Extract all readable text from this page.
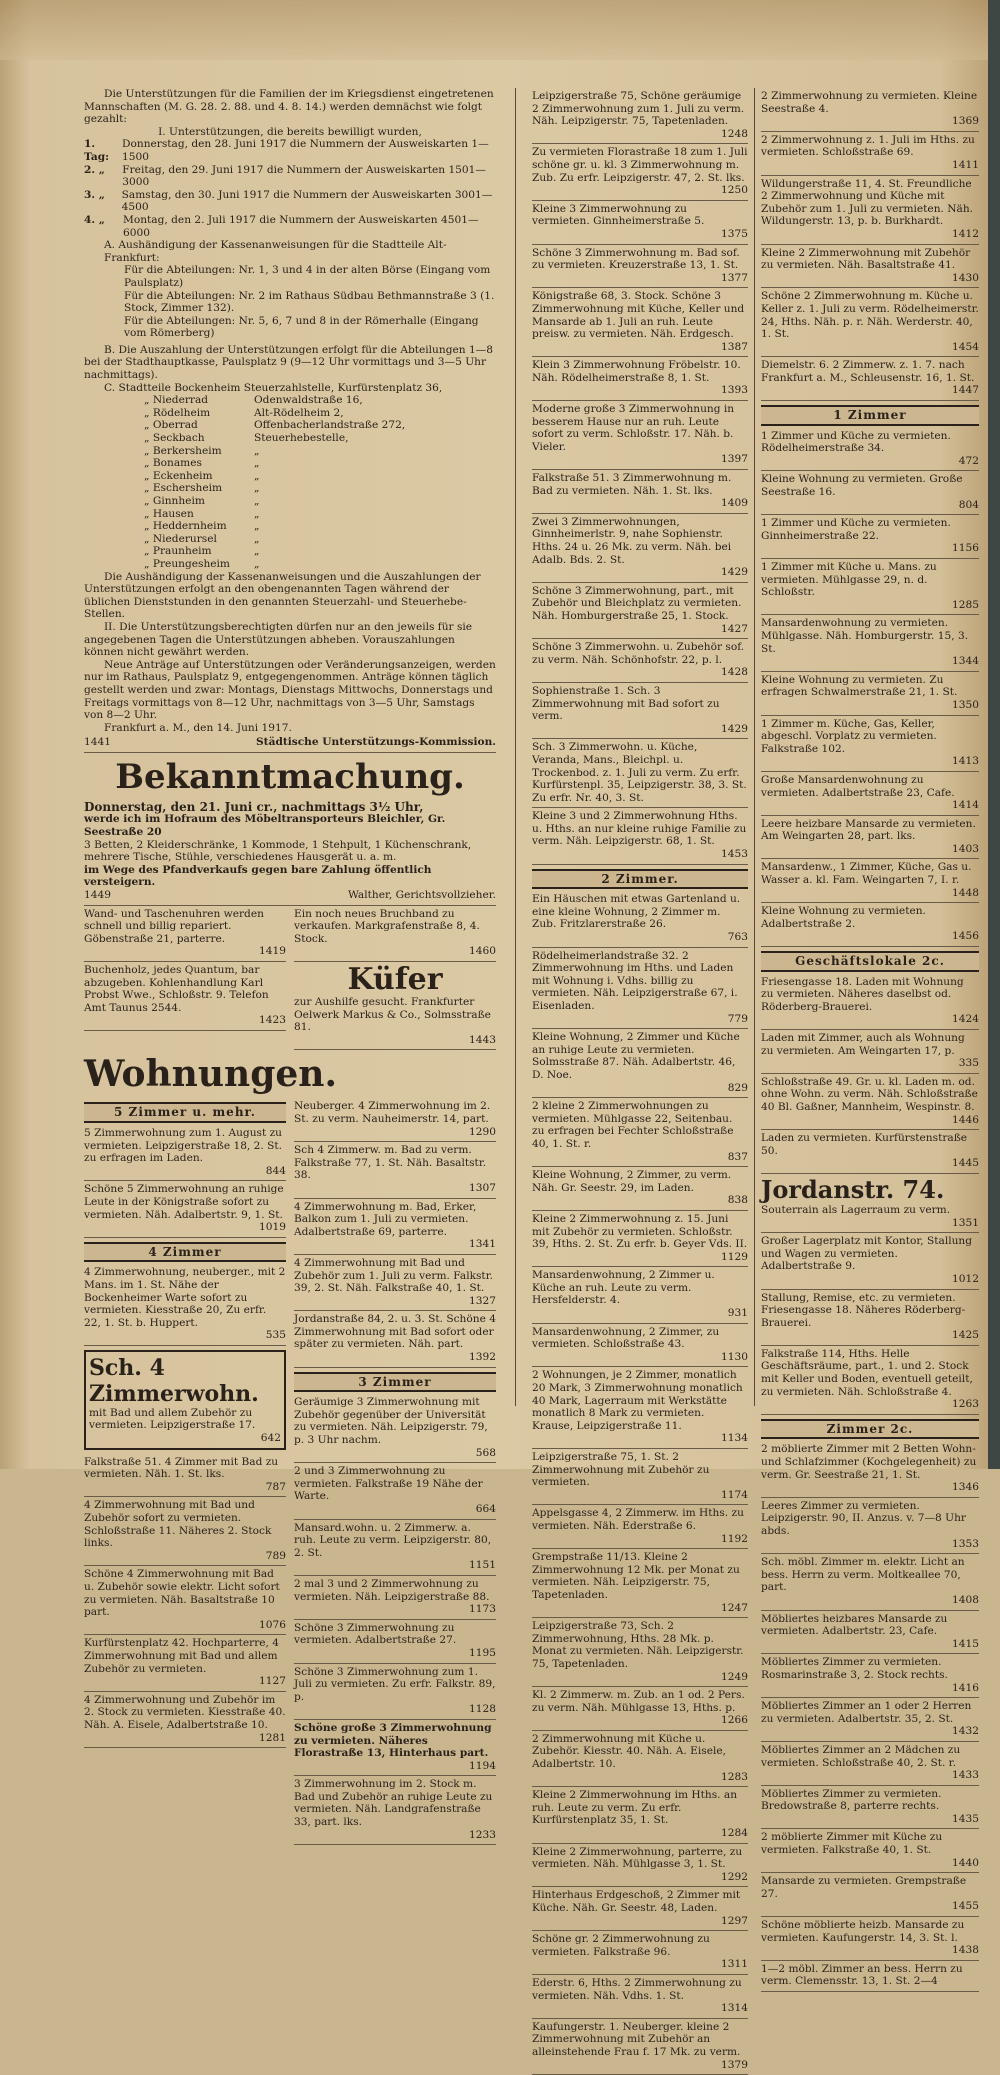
Die Unterstützungen für die Familien der im Kriegsdienst eingetretenen Mannschaften (M. G. 28. 2. 88. und 4. 8. 14.) werden demnächst wie folgt gezahlt:

I. Unterstützungen, die bereits bewilligt wurden,

1. Tag:
Donnerstag, den 28. Juni 1917 die Nummern der Ausweiskarten 1—1500
2. „	Freitag, den 29. Juni 1917 die Nummern der Ausweiskarten 1501—3000
3. „	Samstag, den 30. Juni 1917 die Nummern der Ausweiskarten 3001—4500
4. „	Montag, den 2. Juli 1917 die Nummern der Ausweiskarten 4501—6000

A. Aushändigung der Kassenanweisungen für die Stadtteile Alt-Frankfurt:

Für die Abteilungen: Nr. 1, 3 und 4 in der alten Börse (Eingang vom Paulsplatz)

Für die Abteilungen: Nr. 2 im Rathaus Südbau Bethmannstraße 3 (1. Stock, Zimmer 132).

Für die Abteilungen: Nr. 5, 6, 7 und 8 in der Römerhalle (Eingang vom Römerberg)

B. Die Auszahlung der Unterstützungen erfolgt für die Abteilungen 1—8 bei der Stadthauptkasse, Paulsplatz 9 (9—12 Uhr vormittags und 3—5 Uhr nachmittags).

C. Stadtteile Bockenheim Steuerzahlstelle, Kurfürstenplatz 36,

„ Niederrad	Odenwaldstraße 16,
„ Rödelheim	Alt-Rödelheim 2,
„ Oberrad	Offenbacherlandstraße 272,
„ Seckbach	Steuerhebestelle,
„ Berkersheim	„
„ Bonames	„
„ Eckenheim	„
„ Eschersheim	„
„ Ginnheim	„
„ Hausen	„
„ Heddernheim	„
„ Niederursel	„
„ Praunheim	„
„ Preungesheim	„

Die Aushändigung der Kassenanweisungen und die Auszahlungen der Unterstützungen erfolgt an den obengenannten Tagen während der üblichen Dienststunden in den genannten Steuerzahl- und Steuerhebe-Stellen.

II. Die Unterstützungsberechtigten dürfen nur an den jeweils für sie angegebenen Tagen die Unterstützungen abheben. Vorauszahlungen können nicht gewährt werden.

Neue Anträge auf Unterstützungen oder Veränderungsanzeigen, werden nur im Rathaus, Paulsplatz 9, entgegengenommen. Anträge können täglich gestellt werden und zwar: Montags, Dienstags Mittwochs, Donnerstags und Freitags vormittags von 8—12 Uhr, nachmittags von 3—5 Uhr, Samstags von 8—2 Uhr.

Frankfurt a. M., den 14. Juni 1917.

1441	Städtische Unterstützungs-Kommission.
Bekanntmachung.

Donnerstag, den 21. Juni cr., nachmittags 3½ Uhr,

werde ich im Hofraum des Möbeltransporteurs Bleichler, Gr. Seestraße 20

3 Betten, 2 Kleiderschränke, 1 Kommode, 1 Stehpult, 1 Küchenschrank, mehrere Tische, Stühle, verschiedenes Hausgerät u. a. m.

im Wege des Pfandverkaufs gegen bare Zahlung öffentlich versteigern.

1449	Walther, Gerichtsvollzieher.

Wand- und Taschenuhren werden schnell und billig repariert. Göbenstraße 21, parterre.

1419

Buchenholz, jedes Quantum, bar abzugeben. Kohlenhandlung Karl Probst Wwe., Schloßstr. 9. Telefon Amt Taunus 2544.

1423

Ein noch neues Bruchband zu verkaufen. Markgrafenstraße 8, 4. Stock.

1460

Küfer

zur Aushilfe gesucht. Frankfurter Oelwerk Markus & Co., Solmsstraße 81.

1443

Wohnungen.
5 Zimmer u. mehr.

5 Zimmerwohnung zum 1. August zu vermieten. Leipzigerstraße 18, 2. St. zu erfragen im Laden.

844

Schöne 5 Zimmerwohnung an ruhige Leute in der Königstraße sofort zu vermieten. Näh. Adalbertstr. 9, 1. St.

1019

4 Zimmer

4 Zimmerwohnung, neuberger., mit 2 Mans. im 1. St. Nähe der Bockenheimer Warte sofort zu vermieten. Kiesstraße 20, Zu erfr. 22, 1. St. b. Huppert.

535

Sch. 4 Zimmerwohn.

mit Bad und allem Zubehör zu vermieten. Leipzigerstraße 17.

642

Falkstraße 51. 4 Zimmer mit Bad zu vermieten. Näh. 1. St. lks.

787

4 Zimmerwohnung mit Bad und Zubehör sofort zu vermieten. Schloßstraße 11. Näheres 2. Stock links.

789

Schöne 4 Zimmerwohnung mit Bad u. Zubehör sowie elektr. Licht sofort zu vermieten. Näh. Basaltstraße 10 part.

1076

Kurfürstenplatz 42. Hochparterre, 4 Zimmerwohnung mit Bad und allem Zubehör zu vermieten.

1127

4 Zimmerwohnung und Zubehör im 2. Stock zu vermieten. Kiesstraße 40. Näh. A. Eisele, Adalbertstraße 10.

1281

Neuberger. 4 Zimmerwohnung im 2. St. zu verm. Nauheimerstr. 14, part.

1290

Sch 4 Zimmerw. m. Bad zu verm. Falkstraße 77, 1. St. Näh. Basaltstr. 38.

1307

4 Zimmerwohnung m. Bad, Erker, Balkon zum 1. Juli zu vermieten. Adalbertstraße 69, parterre.

1341

4 Zimmerwohnung mit Bad und Zubehör zum 1. Juli zu verm. Falkstr. 39, 2. St. Näh. Falkstraße 40, 1. St.

1327

Jordanstraße 84, 2. u. 3. St. Schöne 4 Zimmerwohnung mit Bad sofort oder später zu vermieten. Näh. part.

1392

3 Zimmer

Geräumige 3 Zimmerwohnung mit Zubehör gegenüber der Universität zu vermieten. Näh. Leipzigerstr. 79, p. 3 Uhr nachm.

568

2 und 3 Zimmerwohnung zu vermieten. Falkstraße 19 Nähe der Warte.

664

Mansard.wohn. u. 2 Zimmerw. a. ruh. Leute zu verm. Leipzigerstr. 80, 2. St.

1151

2 mal 3 und 2 Zimmerwohnung zu vermieten. Näh. Leipzigerstraße 88.

1173

Schöne 3 Zimmerwohnung zu vermieten. Adalbertstraße 27.

1195

Schöne 3 Zimmerwohnung zum 1. Juli zu vermieten. Zu erfr. Falkstr. 89, p.

1128

Schöne große 3 Zimmerwohnung zu vermieten. Näheres Florastraße 13, Hinterhaus part.

1194

3 Zimmerwohnung im 2. Stock m. Bad und Zubehör an ruhige Leute zu vermieten. Näh. Landgrafenstraße 33, part. lks.

1233

Leipzigerstraße 75, Schöne geräumige 2 Zimmerwohnung zum 1. Juli zu verm. Näh. Leipzigerstr. 75, Tapetenladen.

1248

Zu vermieten Florastraße 18 zum 1. Juli schöne gr. u. kl. 3 Zimmerwohnung m. Zub. Zu erfr. Leipzigerstr. 47, 2. St. lks.

1250

Kleine 3 Zimmerwohnung zu vermieten. Ginnheimerstraße 5.

1375

Schöne 3 Zimmerwohnung m. Bad sof. zu vermieten. Kreuzerstraße 13, 1. St.

1377

Königstraße 68, 3. Stock. Schöne 3 Zimmerwohnung mit Küche, Keller und Mansarde ab 1. Juli an ruh. Leute preisw. zu vermieten. Näh. Erdgesch.

1387

Klein 3 Zimmerwohnung Fröbelstr. 10. Näh. Rödelheimerstraße 8, 1. St.

1393

Moderne große 3 Zimmerwohnung in besserem Hause nur an ruh. Leute sofort zu verm. Schloßstr. 17. Näh. b. Vieler.

1397

Falkstraße 51. 3 Zimmerwohnung m. Bad zu vermieten. Näh. 1. St. lks.

1409

Zwei 3 Zimmerwohnungen, Ginnheimerlstr. 9, nahe Sophienstr. Hths. 24 u. 26 Mk. zu verm. Näh. bei Adalb. Bds. 2. St.

1429

Schöne 3 Zimmerwohnung, part., mit Zubehör und Bleichplatz zu vermieten. Näh. Homburgerstraße 25, 1. Stock.

1427

Schöne 3 Zimmerwohn. u. Zubehör sof. zu verm. Näh. Schönhofstr. 22, p. l.

1428

Sophienstraße 1. Sch. 3 Zimmerwohnung mit Bad sofort zu verm.

1429

Sch. 3 Zimmerwohn. u. Küche, Veranda, Mans., Bleichpl. u. Trockenbod. z. 1. Juli zu verm. Zu erfr. Kurfürstenpl. 35, Leipzigerstr. 38, 3. St. Zu erfr. Nr. 40, 3. St.

Kleine 3 und 2 Zimmerwohnung Hths. u. Hths. an nur kleine ruhige Familie zu verm. Näh. Leipzigerstr. 68, 1. St.

1453

2 Zimmer.

Ein Häuschen mit etwas Gartenland u. eine kleine Wohnung, 2 Zimmer m. Zub. Fritzlarerstraße 26.

763

Rödelheimerlandstraße 32. 2 Zimmerwohnung im Hths. und Laden mit Wohnung i. Vdhs. billig zu vermieten. Näh. Leipzigerstraße 67, i. Eisenladen.

779

Kleine Wohnung, 2 Zimmer und Küche an ruhige Leute zu vermieten. Solmsstraße 87. Näh. Adalbertstr. 46, D. Noe.

829

2 kleine 2 Zimmerwohnungen zu vermieten. Mühlgasse 22, Seitenbau. zu erfragen bei Fechter Schloßstraße 40, 1. St. r.

837

Kleine Wohnung, 2 Zimmer, zu verm. Näh. Gr. Seestr. 29, im Laden.

838

Kleine 2 Zimmerwohnung z. 15. Juni mit Zubehör zu vermieten. Schloßstr. 39, Hths. 2. St. Zu erfr. b. Geyer Vds. II.

1129

Mansardenwohnung, 2 Zimmer u. Küche an ruh. Leute zu verm. Hersfelderstr. 4.

931

Mansardenwohnung, 2 Zimmer, zu vermieten. Schloßstraße 43.

1130

2 Wohnungen, je 2 Zimmer, monatlich 20 Mark, 3 Zimmerwohnung monatlich 40 Mark, Lagerraum mit Werkstätte monatlich 8 Mark zu vermieten. Krause, Leipzigerstraße 11.

1134

Leipzigerstraße 75, 1. St. 2 Zimmerwohnung mit Zubehör zu vermieten.

1174

Appelsgasse 4, 2 Zimmerw. im Hths. zu vermieten. Näh. Ederstraße 6.

1192

Grempstraße 11/13. Kleine 2 Zimmerwohnung 12 Mk. per Monat zu vermieten. Näh. Leipzigerstr. 75, Tapetenladen.

1247

Leipzigerstraße 73, Sch. 2 Zimmerwohnung, Hths. 28 Mk. p. Monat zu vermieten. Näh. Leipzigerstr. 75, Tapetenladen.

1249

Kl. 2 Zimmerw. m. Zub. an 1 od. 2 Pers. zu verm. Näh. Mühlgasse 13, Hths. p.

1266

2 Zimmerwohnung mit Küche u. Zubehör. Kiesstr. 40. Näh. A. Eisele, Adalbertstr. 10.

1283

Kleine 2 Zimmerwohnung im Hths. an ruh. Leute zu verm. Zu erfr. Kurfürstenplatz 35, 1. St.

1284

Kleine 2 Zimmerwohnung, parterre, zu vermieten. Näh. Mühlgasse 3, 1. St.

1292

Hinterhaus Erdgeschoß, 2 Zimmer mit Küche. Näh. Gr. Seestr. 48, Laden.

1297

Schöne gr. 2 Zimmerwohnung zu vermieten. Falkstraße 96.

1311

Ederstr. 6, Hths. 2 Zimmerwohnung zu vermieten. Näh. Vdhs. 1. St.

1314

Kaufungerstr. 1. Neuberger. kleine 2 Zimmerwohnung mit Zubehör an alleinstehende Frau f. 17 Mk. zu verm.

1379

2 Zimmerwohnung zu vermieten. Kleine Seestraße 4.

1369

2 Zimmerwohnung z. 1. Juli im Hths. zu vermieten. Schloßstraße 69.

1411

Wildungerstraße 11, 4. St. Freundliche 2 Zimmerwohnung und Küche mit Zubehör zum 1. Juli zu vermieten. Näh. Wildungerstr. 13, p. b. Burkhardt.

1412

Kleine 2 Zimmerwohnung mit Zubehör zu vermieten. Näh. Basaltstraße 41.

1430

Schöne 2 Zimmerwohnung m. Küche u. Keller z. 1. Juli zu verm. Rödelheimerstr. 24, Hths. Näh. p. r. Näh. Werderstr. 40, 1. St.

1454

Diemelstr. 6. 2 Zimmerw. z. 1. 7. nach Frankfurt a. M., Schleusenstr. 16, 1. St.

1447

1 Zimmer

1 Zimmer und Küche zu vermieten. Rödelheimerstraße 34.

472

Kleine Wohnung zu vermieten. Große Seestraße 16.

804

1 Zimmer und Küche zu vermieten. Ginnheimerstraße 22.

1156

1 Zimmer mit Küche u. Mans. zu vermieten. Mühlgasse 29, n. d. Schloßstr.

1285

Mansardenwohnung zu vermieten. Mühlgasse. Näh. Homburgerstr. 15, 3. St.

1344

Kleine Wohnung zu vermieten. Zu erfragen Schwalmerstraße 21, 1. St.

1350

1 Zimmer m. Küche, Gas, Keller, abgeschl. Vorplatz zu vermieten. Falkstraße 102.

1413

Große Mansardenwohnung zu vermieten. Adalbertstraße 23, Cafe.

1414

Leere heizbare Mansarde zu vermieten. Am Weingarten 28, part. lks.

1403

Mansardenw., 1 Zimmer, Küche, Gas u. Wasser a. kl. Fam. Weingarten 7, I. r.

1448

Kleine Wohnung zu vermieten. Adalbertstraße 2.

1456

Geschäftslokale 2c.

Friesengasse 18. Laden mit Wohnung zu vermieten. Näheres daselbst od. Röderberg-Brauerei.

1424

Laden mit Zimmer, auch als Wohnung zu vermieten. Am Weingarten 17, p.

335

Schloßstraße 49. Gr. u. kl. Laden m. od. ohne Wohn. zu verm. Näh. Schloßstraße 40 Bl. Gaßner, Mannheim, Wespinstr. 8.

1446

Laden zu vermieten. Kurfürstenstraße 50.

1445

Jordanstr. 74.

Souterrain als Lagerraum zu verm.

1351

Großer Lagerplatz mit Kontor, Stallung und Wagen zu vermieten. Adalbertstraße 9.

1012

Stallung, Remise, etc. zu vermieten. Friesengasse 18. Näheres Röderberg-Brauerei.

1425

Falkstraße 114, Hths. Helle Geschäftsräume, part., 1. und 2. Stock mit Keller und Boden, eventuell geteilt, zu vermieten. Näh. Schloßstraße 4.

1263

Zimmer 2c.

2 möblierte Zimmer mit 2 Betten Wohn- und Schlafzimmer (Kochgelegenheit) zu verm. Gr. Seestraße 21, 1. St.

1346

Leeres Zimmer zu vermieten. Leipzigerstr. 90, II. Anzus. v. 7—8 Uhr abds.

1353

Sch. möbl. Zimmer m. elektr. Licht an bess. Herrn zu verm. Moltkeallee 70, part.

1408

Möbliertes heizbares Mansarde zu vermieten. Adalbertstr. 23, Cafe.

1415

Möbliertes Zimmer zu vermieten. Rosmarinstraße 3, 2. Stock rechts.

1416

Möbliertes Zimmer an 1 oder 2 Herren zu vermieten. Adalbertstr. 35, 2. St.

1432

Möbliertes Zimmer an 2 Mädchen zu vermieten. Schloßstraße 40, 2. St. r.

1433

Möbliertes Zimmer zu vermieten. Bredowstraße 8, parterre rechts.

1435

2 möblierte Zimmer mit Küche zu vermieten. Falkstraße 40, 1. St.

1440

Mansarde zu vermieten. Grempstraße 27.

1455

Schöne möblierte heizb. Mansarde zu vermieten. Kaufungerstr. 14, 3. St. l.

1438

1—2 möbl. Zimmer an bess. Herrn zu verm. Clemensstr. 13, 1. St. 2—4
